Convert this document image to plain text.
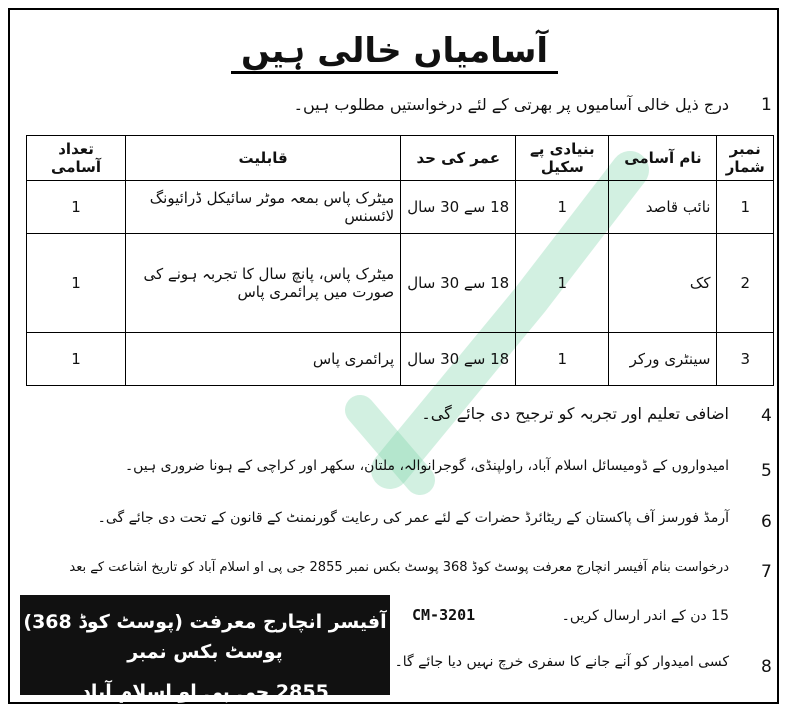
آسامیاں خالی ہیں
1
درج ذیل خالی آسامیوں پر بھرتی کے لئے درخواستیں مطلوب ہیں۔
نمبر شمار	نام آسامی	بنیادی پے سکیل	عمر کی حد	قابلیت	تعداد آسامی
1	نائب قاصد	1	18 سے 30 سال	میٹرک پاس بمعہ موٹر سائیکل ڈرائیونگ لائسنس	1
2	کک	1	18 سے 30 سال	میٹرک پاس، پانچ سال کا تجربہ ہونے کی صورت میں پرائمری پاس	1
3	سینٹری ورکر	1	18 سے 30 سال	پرائمری پاس	1
4
اضافی تعلیم اور تجربہ کو ترجیح دی جائے گی۔
5
امیدواروں کے ڈومیسائل اسلام آباد، راولپنڈی، گوجرانوالہ، ملتان، سکھر اور کراچی کے ہونا ضروری ہیں۔
6
آرمڈ فورسز آف پاکستان کے ریٹائرڈ حضرات کے لئے عمر کی رعایت گورنمنٹ کے قانون کے تحت دی جائے گی۔
7
درخواست بنام آفیسر انچارج معرفت پوسٹ کوڈ 368 پوسٹ بکس نمبر 2855 جی پی او اسلام آباد کو تاریخ اشاعت کے بعد
15 دن کے اندر ارسال کریں۔
CM-3201
8
کسی امیدوار کو آنے جانے کا سفری خرچ نہیں دیا جائے گا۔
آفیسر انچارج معرفت (پوسٹ کوڈ 368) پوسٹ بکس نمبر
2855 جی پی او اسلام آباد
